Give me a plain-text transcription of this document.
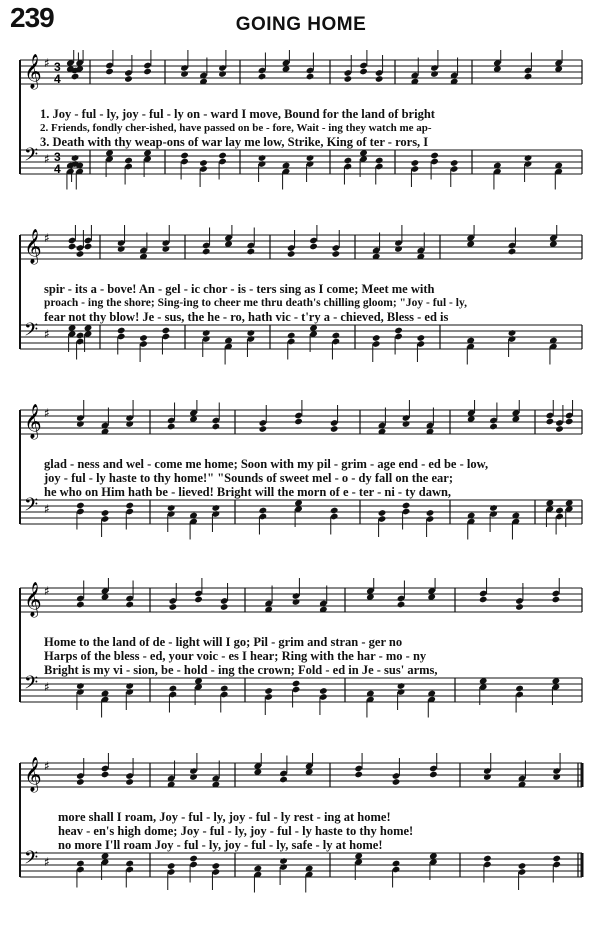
239	GOING HOME
𝄞 ♯ 3
4
𝄢 ♯ 3
4
1. Joy - ful - ly, joy - ful - ly on - ward I move, Bound for the land of bright
2. Friends, fondly cher-ished, have passed on be - fore, Wait - ing they watch me ap-
3. Death with thy weap-ons of war lay me low, Strike, King of ter - rors, I
𝄞 ♯
𝄢 ♯
spir - its a - bove! An - gel - ic chor - is - ters sing as I come; Meet me with
proach - ing the shore; Sing-ing to cheer me thru death's chilling gloom; "Joy - ful - ly,
fear not thy blow! Je - sus, the he - ro, hath vic - t'ry a - chieved, Bless - ed is
𝄞 ♯
𝄢 ♯
glad - ness and wel - come me home; Soon with my pil - grim - age end - ed be - low,
joy - ful - ly haste to thy home!" "Sounds of sweet mel - o - dy fall on the ear;
he who on Him hath be - lieved! Bright will the morn of e - ter - ni - ty dawn,
𝄞 ♯
𝄢 ♯
Home to the land of de - light will I go; Pil - grim and stran - ger no
Harps of the bless - ed, your voic - es I hear; Ring with the har - mo - ny
Bright is my vi - sion, be - hold - ing the crown; Fold - ed in Je - sus' arms,
𝄞 ♯
𝄢 ♯
more shall I roam, Joy - ful - ly, joy - ful - ly rest - ing at home!
heav - en's high dome; Joy - ful - ly, joy - ful - ly haste to thy home!
no more I'll roam Joy - ful - ly, joy - ful - ly, safe - ly at home!
